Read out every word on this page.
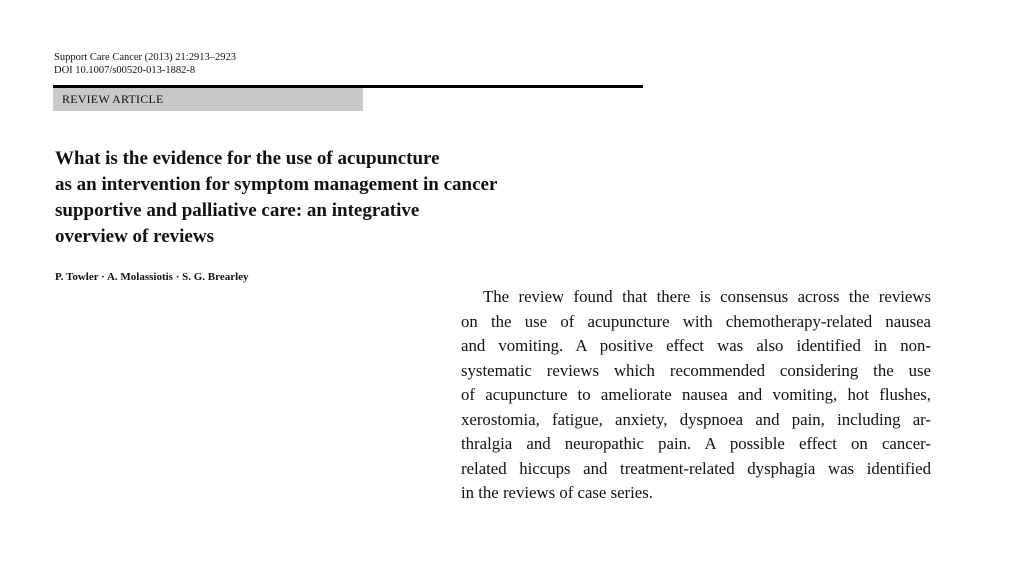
Support Care Cancer (2013) 21:2913–2923
DOI 10.1007/s00520-013-1882-8
REVIEW ARTICLE
What is the evidence for the use of acupuncture
as an intervention for symptom management in cancer
supportive and palliative care: an integrative
overview of reviews
P. Towler · A. Molassiotis · S. G. Brearley
The review found that there is consensus across the reviews
on the use of acupuncture with chemotherapy-related nausea
and vomiting. A positive effect was also identified in non-
systematic reviews which recommended considering the use
of acupuncture to ameliorate nausea and vomiting, hot flushes,
xerostomia, fatigue, anxiety, dyspnoea and pain, including ar-
thralgia and neuropathic pain. A possible effect on cancer-
related hiccups and treatment-related dysphagia was identified
in the reviews of case series.
